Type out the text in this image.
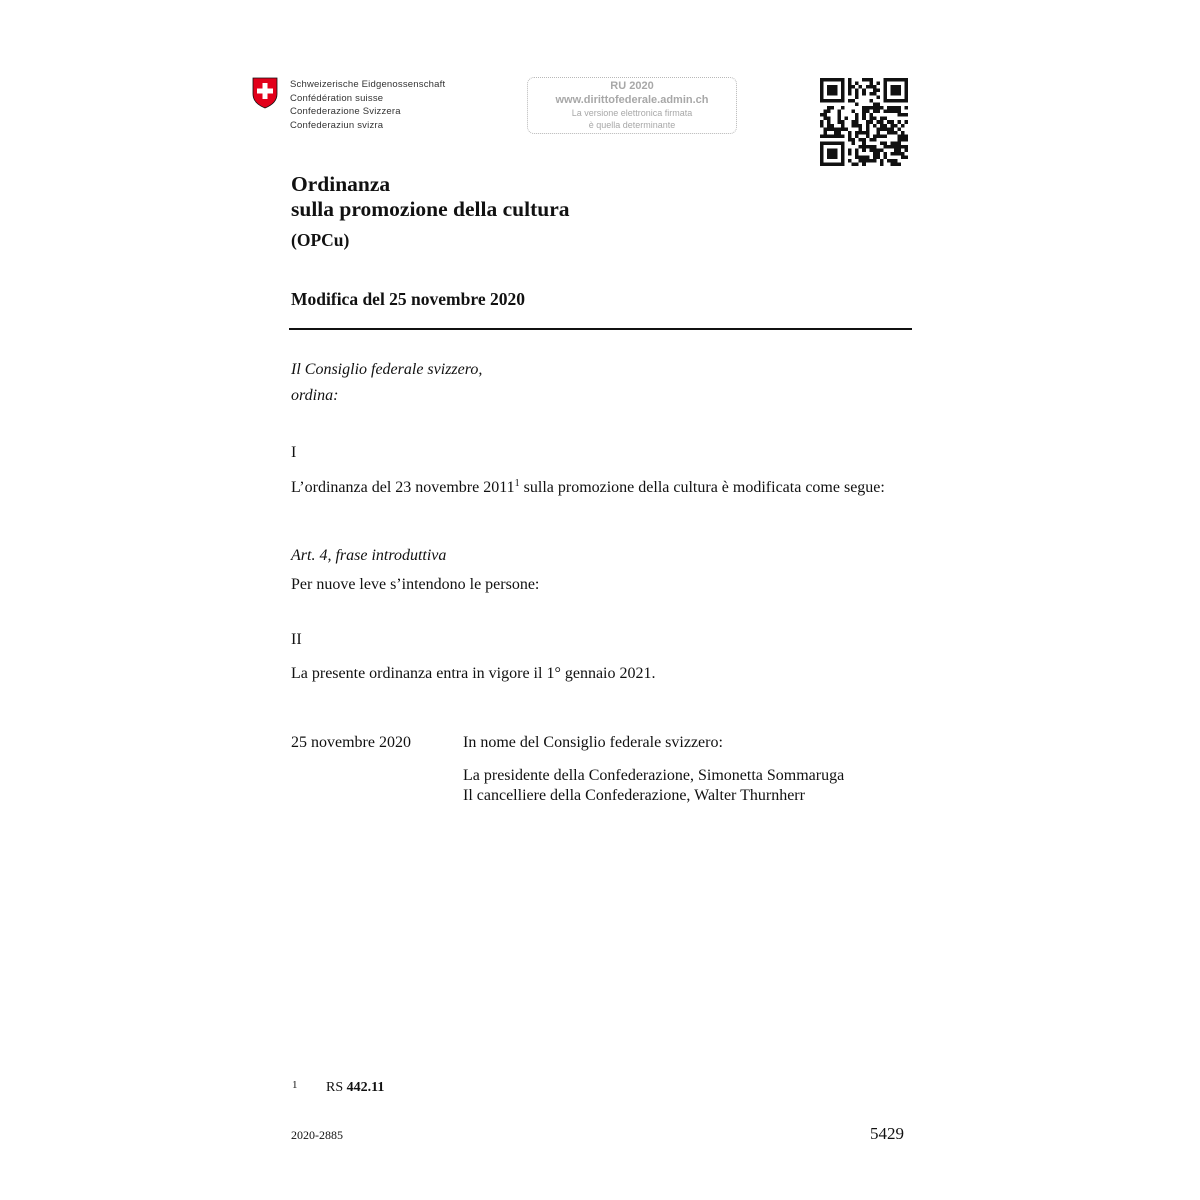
Schweizerische Eidgenossenschaft
Confédération suisse
Confederazione Svizzera
Confederaziun svizra
RU 2020
www.dirittofederale.admin.ch
La versione elettronica firmata
è quella determinante
Ordinanza
sulla promozione della cultura
(OPCu)
Modifica del 25 novembre 2020
Il Consiglio federale svizzero,
ordina:
I
L’ordinanza del 23 novembre 2011$^1$ sulla promozione della cultura è modificata come segue:
Art. 4, frase introduttiva
Per nuove leve s’intendono le persone:
II
La presente ordinanza entra in vigore il 1° gennaio 2021.
25 novembre 2020	In nome del Consiglio federale svizzero:
La presidente della Confederazione, Simonetta Sommaruga
Il cancelliere della Confederazione, Walter Thurnherr
1 RS 442.11
2020-2885	5429
